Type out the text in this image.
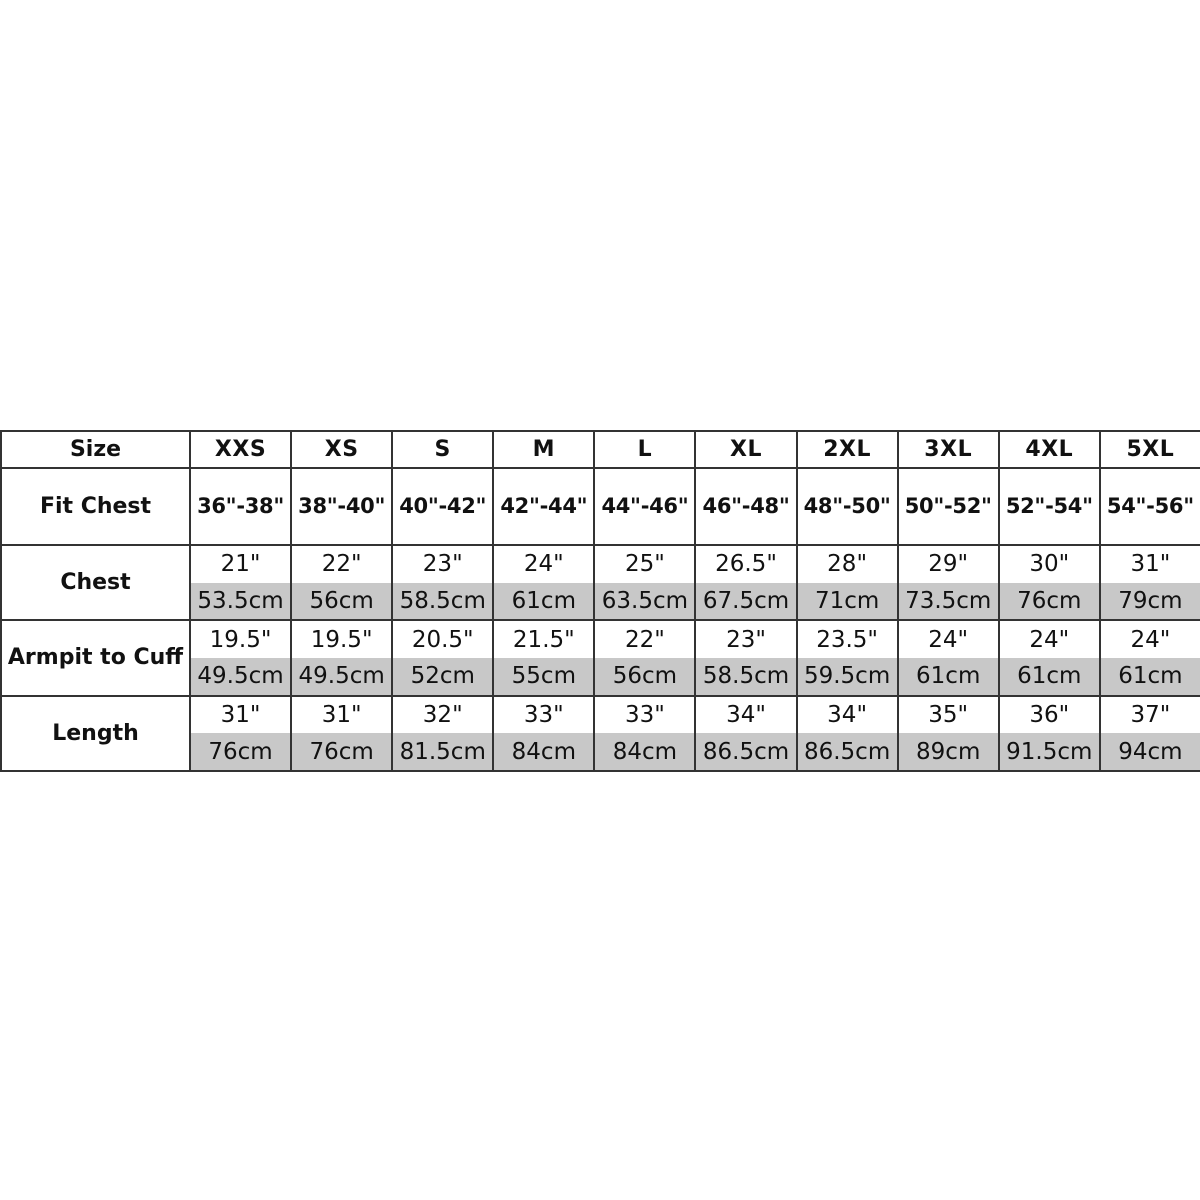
Size	XXS	XS	S	M	L	XL	2XL	3XL	4XL	5XL
Fit Chest	36"-38"	38"-40"	40"-42"	42"-44"	44"-46"	46"-48"	48"-50"	50"-52"	52"-54"	54"-56"
Chest	21"	22"	23"	24"	25"	26.5"	28"	29"	30"	31"
	53.5cm	56cm	58.5cm	61cm	63.5cm	67.5cm	71cm	73.5cm	76cm	79cm
Armpit to Cuff	19.5"	19.5"	20.5"	21.5"	22"	23"	23.5"	24"	24"	24"
	49.5cm	49.5cm	52cm	55cm	56cm	58.5cm	59.5cm	61cm	61cm	61cm
Length	31"	31"	32"	33"	33"	34"	34"	35"	36"	37"
	76cm	76cm	81.5cm	84cm	84cm	86.5cm	86.5cm	89cm	91.5cm	94cm
